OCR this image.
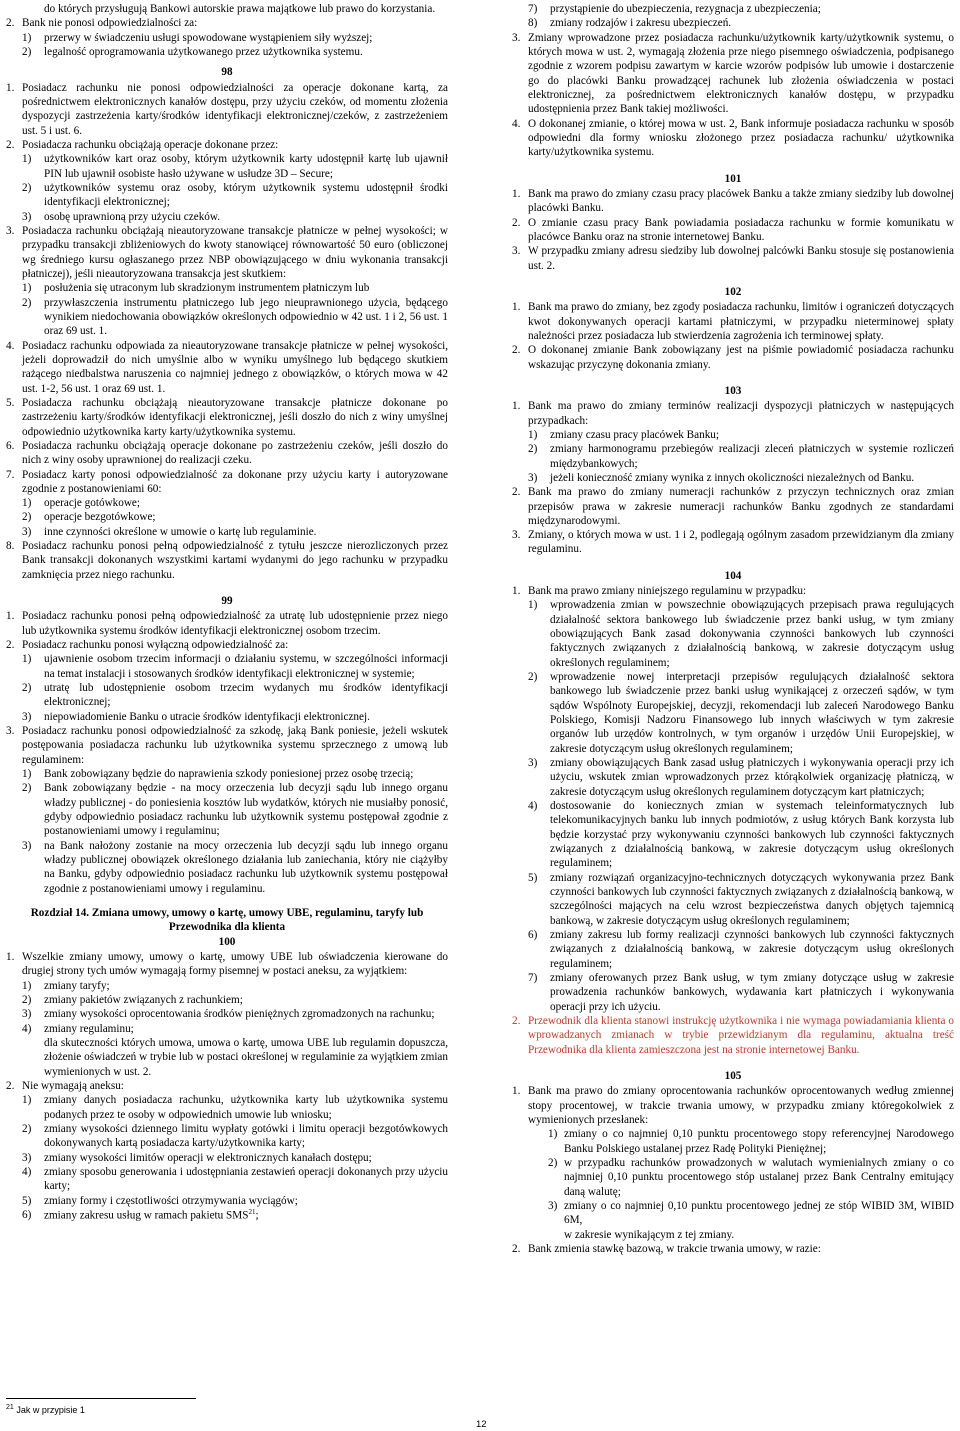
do których przysługują Bankowi autorskie prawa majątkowe lub prawo do korzystania.

2. Bank nie ponosi odpowiedzialności za:

1) przerwy w świadczeniu usługi spowodowane wystąpieniem siły wyższej;

2) legalność oprogramowania użytkowanego przez użytkownika systemu.

98

1. Posiadacz rachunku nie ponosi odpowiedzialności za operacje dokonane kartą, za pośrednictwem elektronicznych kanałów dostępu, przy użyciu czeków, od momentu złożenia dyspozycji zastrzeżenia karty/środków identyfikacji elektronicznej/czeków, z zastrzeżeniem ust. 5 i ust. 6.

2. Posiadacza rachunku obciążają operacje dokonane przez:

1) użytkowników kart oraz osoby, którym użytkownik karty udostępnił kartę lub ujawnił PIN lub ujawnił osobiste hasło używane w usłudze 3D – Secure;

2) użytkowników systemu oraz osoby, którym użytkownik systemu udostępnił środki identyfikacji elektronicznej;

3) osobę uprawnioną przy użyciu czeków.

3. Posiadacza rachunku obciążają nieautoryzowane transakcje płatnicze w pełnej wysokości; w przypadku transakcji zbliżeniowych do kwoty stanowiącej równowartość 50 euro (obliczonej wg średniego kursu ogłaszanego przez NBP obowiązującego w dniu wykonania transakcji płatniczej), jeśli nieautoryzowana transakcja jest skutkiem:

1) posłużenia się utraconym lub skradzionym instrumentem płatniczym lub

2) przywłaszczenia instrumentu płatniczego lub jego nieuprawnionego użycia, będącego wynikiem niedochowania obowiązków określonych odpowiednio w 42 ust. 1 i 2, 56 ust. 1 oraz 69 ust. 1.

4. Posiadacz rachunku odpowiada za nieautoryzowane transakcje płatnicze w pełnej wysokości, jeżeli doprowadził do nich umyślnie albo w wyniku umyślnego lub będącego skutkiem rażącego niedbalstwa naruszenia co najmniej jednego z obowiązków, o których mowa w 42 ust. 1-2, 56 ust. 1 oraz 69 ust. 1.

5. Posiadacza rachunku obciążają nieautoryzowane transakcje płatnicze dokonane po zastrzeżeniu karty/środków identyfikacji elektronicznej, jeśli doszło do nich z winy umyślnej odpowiednio użytkownika karty karty/użytkownika systemu.

6. Posiadacza rachunku obciążają operacje dokonane po zastrzeżeniu czeków, jeśli doszło do nich z winy osoby uprawnionej do realizacji czeku.

7. Posiadacz karty ponosi odpowiedzialność za dokonane przy użyciu karty i autoryzowane zgodnie z postanowieniami 60:

1) operacje gotówkowe;

2) operacje bezgotówkowe;

3) inne czynności określone w umowie o kartę lub regulaminie.

8. Posiadacz rachunku ponosi pełną odpowiedzialność z tytułu jeszcze nierozliczonych przez Bank transakcji dokonanych wszystkimi kartami wydanymi do jego rachunku w przypadku zamknięcia przez niego rachunku.

99

1. Posiadacz rachunku ponosi pełną odpowiedzialność za utratę lub udostępnienie przez niego lub użytkownika systemu środków identyfikacji elektronicznej osobom trzecim.

2. Posiadacz rachunku ponosi wyłączną odpowiedzialność za:

1) ujawnienie osobom trzecim informacji o działaniu systemu, w szczególności informacji na temat instalacji i stosowanych środków identyfikacji elektronicznej w systemie;

2) utratę lub udostępnienie osobom trzecim wydanych mu środków identyfikacji elektronicznej;

3) niepowiadomienie Banku o utracie środków identyfikacji elektronicznej.

3. Posiadacz rachunku ponosi odpowiedzialność za szkodę, jaką Bank poniesie, jeżeli wskutek postępowania posiadacza rachunku lub użytkownika systemu sprzecznego z umową lub regulaminem:

1) Bank zobowiązany będzie do naprawienia szkody poniesionej przez osobę trzecią;

2) Bank zobowiązany będzie - na mocy orzeczenia lub decyzji sądu lub innego organu władzy publicznej - do poniesienia kosztów lub wydatków, których nie musiałby ponosić, gdyby odpowiednio posiadacz rachunku lub użytkownik systemu postępował zgodnie z postanowieniami umowy i regulaminu;

3) na Bank nałożony zostanie na mocy orzeczenia lub decyzji sądu lub innego organu władzy publicznej obowiązek określonego działania lub zaniechania, który nie ciążyłby na Banku, gdyby odpowiednio posiadacz rachunku lub użytkownik systemu postępował zgodnie z postanowieniami umowy i regulaminu.

Rozdział 14. Zmiana umowy, umowy o kartę, umowy UBE, regulaminu, taryfy lub Przewodnika dla klienta

100

1. Wszelkie zmiany umowy, umowy o kartę, umowy UBE lub oświadczenia kierowane do drugiej strony tych umów wymagają formy pisemnej w postaci aneksu, za wyjątkiem:

1) zmiany taryfy;

2) zmiany pakietów związanych z rachunkiem;

3) zmiany wysokości oprocentowania środków pieniężnych zgromadzonych na rachunku;

4) zmiany regulaminu;

dla skuteczności których umowa, umowa o kartę, umowa UBE lub regulamin dopuszcza, złożenie oświadczeń w trybie lub w postaci określonej w regulaminie za wyjątkiem zmian wymienionych w ust. 2.

2. Nie wymagają aneksu:

1) zmiany danych posiadacza rachunku, użytkownika karty lub użytkownika systemu podanych przez te osoby w odpowiednich umowie lub wniosku;

2) zmiany wysokości dziennego limitu wypłaty gotówki i limitu operacji bezgotówkowych dokonywanych kartą posiadacza karty/użytkownika karty;

3) zmiany wysokości limitów operacji w elektronicznych kanałach dostępu;

4) zmiany sposobu generowania i udostępniania zestawień operacji dokonanych przy użyciu karty;

5) zmiany formy i częstotliwości otrzymywania wyciągów;

6) zmiany zakresu usług w ramach pakietu SMS$^{21}$;

7) przystąpienie do ubezpieczenia, rezygnacja z ubezpieczenia;

8) zmiany rodzajów i zakresu ubezpieczeń.

3. Zmiany wprowadzone przez posiadacza rachunku/użytkownik karty/użytkownik systemu, o których mowa w ust. 2, wymagają złożenia prze niego pisemnego oświadczenia, podpisanego zgodnie z wzorem podpisu zawartym w karcie wzorów podpisów lub umowie i dostarczenie go do placówki Banku prowadzącej rachunek lub złożenia oświadczenia w postaci elektronicznej, za pośrednictwem elektronicznych kanałów dostępu, w przypadku udostępnienia przez Bank takiej możliwości.

4. O dokonanej zmianie, o której mowa w ust. 2, Bank informuje posiadacza rachunku w sposób odpowiedni dla formy wniosku złożonego przez posiadacza rachunku/ użytkownika karty/użytkownika systemu.

101

1. Bank ma prawo do zmiany czasu pracy placówek Banku a także zmiany siedziby lub dowolnej placówki Banku.

2. O zmianie czasu pracy Bank powiadamia posiadacza rachunku w formie komunikatu w placówce Banku oraz na stronie internetowej Banku.

3. W przypadku zmiany adresu siedziby lub dowolnej palcówki Banku stosuje się postanowienia ust. 2.

102

1. Bank ma prawo do zmiany, bez zgody posiadacza rachunku, limitów i ograniczeń dotyczących kwot dokonywanych operacji kartami płatniczymi, w przypadku nieterminowej spłaty należności przez posiadacza lub stwierdzenia zagrożenia ich terminowej spłaty.

2. O dokonanej zmianie Bank zobowiązany jest na piśmie powiadomić posiadacza rachunku wskazując przyczynę dokonania zmiany.

103

1. Bank ma prawo do zmiany terminów realizacji dyspozycji płatniczych w następujących przypadkach:

1) zmiany czasu pracy placówek Banku;

2) zmiany harmonogramu przebiegów realizacji zleceń płatniczych w systemie rozliczeń międzybankowych;

3) jeżeli konieczność zmiany wynika z innych okoliczności niezależnych od Banku.

2. Bank ma prawo do zmiany numeracji rachunków z przyczyn technicznych oraz zmian przepisów prawa w zakresie numeracji rachunków Banku zgodnych ze standardami międzynarodowymi.

3. Zmiany, o których mowa w ust. 1 i 2, podlegają ogólnym zasadom przewidzianym dla zmiany regulaminu.

104

1. Bank ma prawo zmiany niniejszego regulaminu w przypadku:

1) wprowadzenia zmian w powszechnie obowiązujących przepisach prawa regulujących działalność sektora bankowego lub świadczenie przez banki usług, w tym zmiany obowiązujących Bank zasad dokonywania czynności bankowych lub czynności faktycznych związanych z działalnością bankową, w zakresie dotyczącym usług określonych regulaminem;

2) wprowadzenie nowej interpretacji przepisów regulujących działalność sektora bankowego lub świadczenie przez banki usług wynikającej z orzeczeń sądów, w tym sądów Wspólnoty Europejskiej, decyzji, rekomendacji lub zaleceń Narodowego Banku Polskiego, Komisji Nadzoru Finansowego lub innych właściwych w tym zakresie organów lub urzędów kontrolnych, w tym organów i urzędów Unii Europejskiej, w zakresie dotyczącym usług określonych regulaminem;

3) zmiany obowiązujących Bank zasad usług płatniczych i wykonywania operacji przy ich użyciu, wskutek zmian wprowadzonych przez którąkolwiek organizację płatniczą, w zakresie dotyczącym usług określonych regulaminem dotyczącym kart płatniczych;

4) dostosowanie do koniecznych zmian w systemach teleinformatycznych lub telekomunikacyjnych banku lub innych podmiotów, z usług których Bank korzysta lub będzie korzystać przy wykonywaniu czynności bankowych lub czynności faktycznych związanych z działalnością bankową, w zakresie dotyczącym usług określonych regulaminem;

5) zmiany rozwiązań organizacyjno-technicznych dotyczących wykonywania przez Bank czynności bankowych lub czynności faktycznych związanych z działalnością bankową, w szczególności mających na celu wzrost bezpieczeństwa danych objętych tajemnicą bankową, w zakresie dotyczącym usług określonych regulaminem;

6) zmiany zakresu lub formy realizacji czynności bankowych lub czynności faktycznych związanych z działalnością bankową, w zakresie dotyczącym usług określonych regulaminem;

7) zmiany oferowanych przez Bank usług, w tym zmiany dotyczące usług w zakresie prowadzenia rachunków bankowych, wydawania kart płatniczych i wykonywania operacji przy ich użyciu.

2. Przewodnik dla klienta stanowi instrukcję użytkownika i nie wymaga powiadamiania klienta o wprowadzanych zmianach w trybie przewidzianym dla regulaminu, aktualna treść Przewodnika dla klienta zamieszczona jest na stronie internetowej Banku.

105

1. Bank ma prawo do zmiany oprocentowania rachunków oprocentowanych według zmiennej stopy procentowej, w trakcie trwania umowy, w przypadku zmiany któregokolwiek z wymienionych przesłanek:

1) zmiany o co najmniej 0,10 punktu procentowego stopy referencyjnej Narodowego Banku Polskiego ustalanej przez Radę Polityki Pieniężnej;

2) w przypadku rachunków prowadzonych w walutach wymienialnych zmiany o co najmniej 0,10 punktu procentowego stóp ustalanej przez Bank Centralny emitujący daną walutę;

3) zmiany o co najmniej 0,10 punktu procentowego jednej ze stóp WIBID 3M, WIBID 6M,

w zakresie wynikającym z tej zmiany.

2. Bank zmienia stawkę bazową, w trakcie trwania umowy, w razie:

$^{21}$ Jak w przypisie 1
12
